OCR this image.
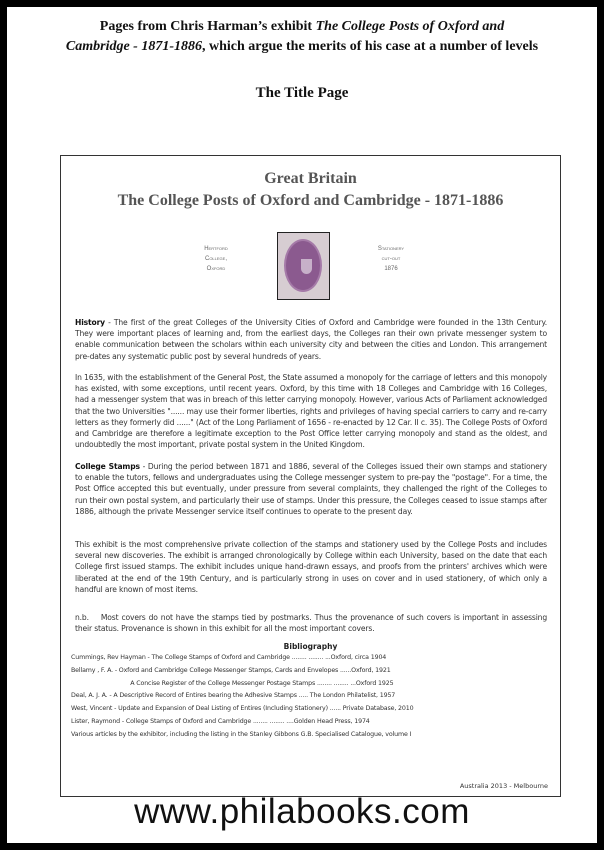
Pages from Chris Harman’s exhibit The College Posts of Oxford and
Cambridge - 1871-1886, which argue the merits of his case at a number of levels
The Title Page
Great Britain
The College Posts of Oxford and Cambridge - 1871-1886
Hertford
College,
Oxford
Stationery
cut-out
1876
History - The first of the great Colleges of the University Cities of Oxford and Cambridge were founded in the 13th Century. They were important places of learning and, from the earliest days, the Colleges ran their own private messenger system to enable communication between the scholars within each university city and between the cities and London. This arrangement pre-dates any systematic public post by several hundreds of years.
In 1635, with the establishment of the General Post, the State assumed a monopoly for the carriage of letters and this monopoly has existed, with some exceptions, until recent years. Oxford, by this time with 18 Colleges and Cambridge with 16 Colleges, had a messenger system that was in breach of this letter carrying monopoly. However, various Acts of Parliament acknowledged that the two Universities "...... may use their former liberties, rights and privileges of having special carriers to carry and re-carry letters as they formerly did ......" (Act of the Long Parliament of 1656 - re-enacted by 12 Car. II c. 35). The College Posts of Oxford and Cambridge are therefore a legitimate exception to the Post Office letter carrying monopoly and stand as the oldest, and undoubtedly the most important, private postal system in the United Kingdom.
College Stamps - During the period between 1871 and 1886, several of the Colleges issued their own stamps and stationery to enable the tutors, fellows and undergraduates using the College messenger system to pre-pay the "postage". For a time, the Post Office accepted this but eventually, under pressure from several complaints, they challenged the right of the Colleges to run their own postal system, and particularly their use of stamps. Under this pressure, the Colleges ceased to issue stamps after 1886, although the private Messenger service itself continues to operate to the present day.
This exhibit is the most comprehensive private collection of the stamps and stationery used by the College Posts and includes several new discoveries. The exhibit is arranged chronologically by College within each University, based on the date that each College first issued stamps. The exhibit includes unique hand-drawn essays, and proofs from the printers' archives which were liberated at the end of the 19th Century, and is particularly strong in uses on cover and in used stationery, of which only a handful are known of most items.
n.b.    Most covers do not have the stamps tied by postmarks. Thus the provenance of such covers is important in assessing their status. Provenance is shown in this exhibit for all the most important covers.
Bibliography
Cummings, Rev Hayman - The College Stamps of Oxford and Cambridge ........ ........ ...Oxford, circa 1904
Bellamy , F. A. - Oxford and Cambridge College Messenger Stamps, Cards and Envelopes ......Oxford, 1921
A Concise Register of the College Messenger Postage Stamps ........ ........ ...Oxford 1925
Deal, A. J. A. - A Descriptive Record of Entires bearing the Adhesive Stamps ..... The London Philatelist, 1957
West, Vincent - Update and Expansion of Deal Listing of Entires (Including Stationery) ...... Private Database, 2010
Lister, Raymond - College Stamps of Oxford and Cambridge ........ ........ ....Golden Head Press, 1974
Various articles by the exhibitor, including the listing in the Stanley Gibbons G.B. Specialised Catalogue, volume I
Australia 2013 - Melbourne
www.philabooks.com
